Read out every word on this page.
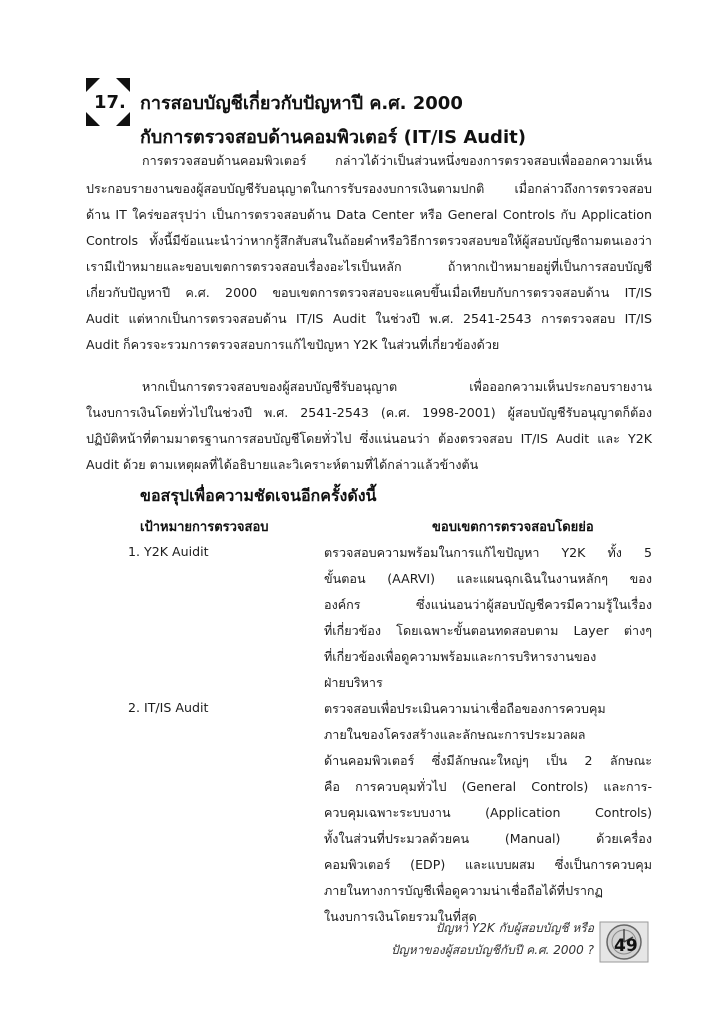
17. การสอบบัญชีเกี่ยวกับปัญหาปี ค.ศ. 2000
กับการตรวจสอบด้านคอมพิวเตอร์ (IT/IS Audit)
การตรวจสอบด้านคอมพิวเตอร์ กล่าวได้ว่าเป็นส่วนหนึ่งของการตรวจสอบเพื่อออกความเห็น
ประกอบรายงานของผู้สอบบัญชีรับอนุญาตในการรับรองงบการเงินตามปกติ เมื่อกล่าวถึงการตรวจสอบ
ด้าน IT ใคร่ขอสรุปว่า เป็นการตรวจสอบด้าน Data Center หรือ General Controls กับ Application
Controls ทั้งนี้มีข้อแนะนำว่าหากรู้สึกสับสนในถ้อยคำหรือวิธีการตรวจสอบขอให้ผู้สอบบัญชีถามตนเองว่า
เรามีเป้าหมายและขอบเขตการตรวจสอบเรื่องอะไรเป็นหลัก ถ้าหากเป้าหมายอยู่ที่เป็นการสอบบัญชี
เกี่ยวกับปัญหาปี ค.ศ. 2000 ขอบเขตการตรวจสอบจะแคบขึ้นเมื่อเทียบกับการตรวจสอบด้าน IT/IS
Audit แต่หากเป็นการตรวจสอบด้าน IT/IS Audit ในช่วงปี พ.ศ. 2541-2543 การตรวจสอบ IT/IS
Audit ก็ควรจะรวมการตรวจสอบการแก้ไขปัญหา Y2K ในส่วนที่เกี่ยวข้องด้วย
หากเป็นการตรวจสอบของผู้สอบบัญชีรับอนุญาต เพื่อออกความเห็นประกอบรายงาน
ในงบการเงินโดยทั่วไปในช่วงปี พ.ศ. 2541-2543 (ค.ศ. 1998-2001) ผู้สอบบัญชีรับอนุญาตก็ต้อง
ปฏิบัติหน้าที่ตามมาตรฐานการสอบบัญชีโดยทั่วไป ซึ่งแน่นอนว่า ต้องตรวจสอบ IT/IS Audit และ Y2K
Audit ด้วย ตามเหตุผลที่ได้อธิบายและวิเคราะห์ตามที่ได้กล่าวแล้วข้างต้น
ขอสรุปเพื่อความชัดเจนอีกครั้งดังนี้
เป้าหมายการตรวจสอบ	ขอบเขตการตรวจสอบโดยย่อ
1. Y2K Auidit	ตรวจสอบความพร้อมในการแก้ไขปัญหา Y2K ทั้ง 5
ขั้นตอน (AARVI) และแผนฉุกเฉินในงานหลักๆ ของ
องค์กร ซึ่งแน่นอนว่าผู้สอบบัญชีควรมีความรู้ในเรื่อง
ที่เกี่ยวข้อง โดยเฉพาะขั้นตอนทดสอบตาม Layer ต่างๆ
ที่เกี่ยวข้องเพื่อดูความพร้อมและการบริหารงานของ
ฝ่ายบริหาร
2. IT/IS Audit	ตรวจสอบเพื่อประเมินความน่าเชื่อถือของการควบคุม
ภายในของโครงสร้างและลักษณะการประมวลผล
ด้านคอมพิวเตอร์ ซึ่งมีลักษณะใหญ่ๆ เป็น 2 ลักษณะ
คือ การควบคุมทั่วไป (General Controls) และการ-
ควบคุมเฉพาะระบบงาน (Application Controls)
ทั้งในส่วนที่ประมวลด้วยคน (Manual) ด้วยเครื่อง
คอมพิวเตอร์ (EDP) และแบบผสม ซึ่งเป็นการควบคุม
ภายในทางการบัญชีเพื่อดูความน่าเชื่อถือได้ที่ปรากฏ
ในงบการเงินโดยรวมในที่สุด
ปัญหา Y2K กับผู้สอบบัญชี หรือ
ปัญหาของผู้สอบบัญชีกับปี ค.ศ. 2000 ? 49
